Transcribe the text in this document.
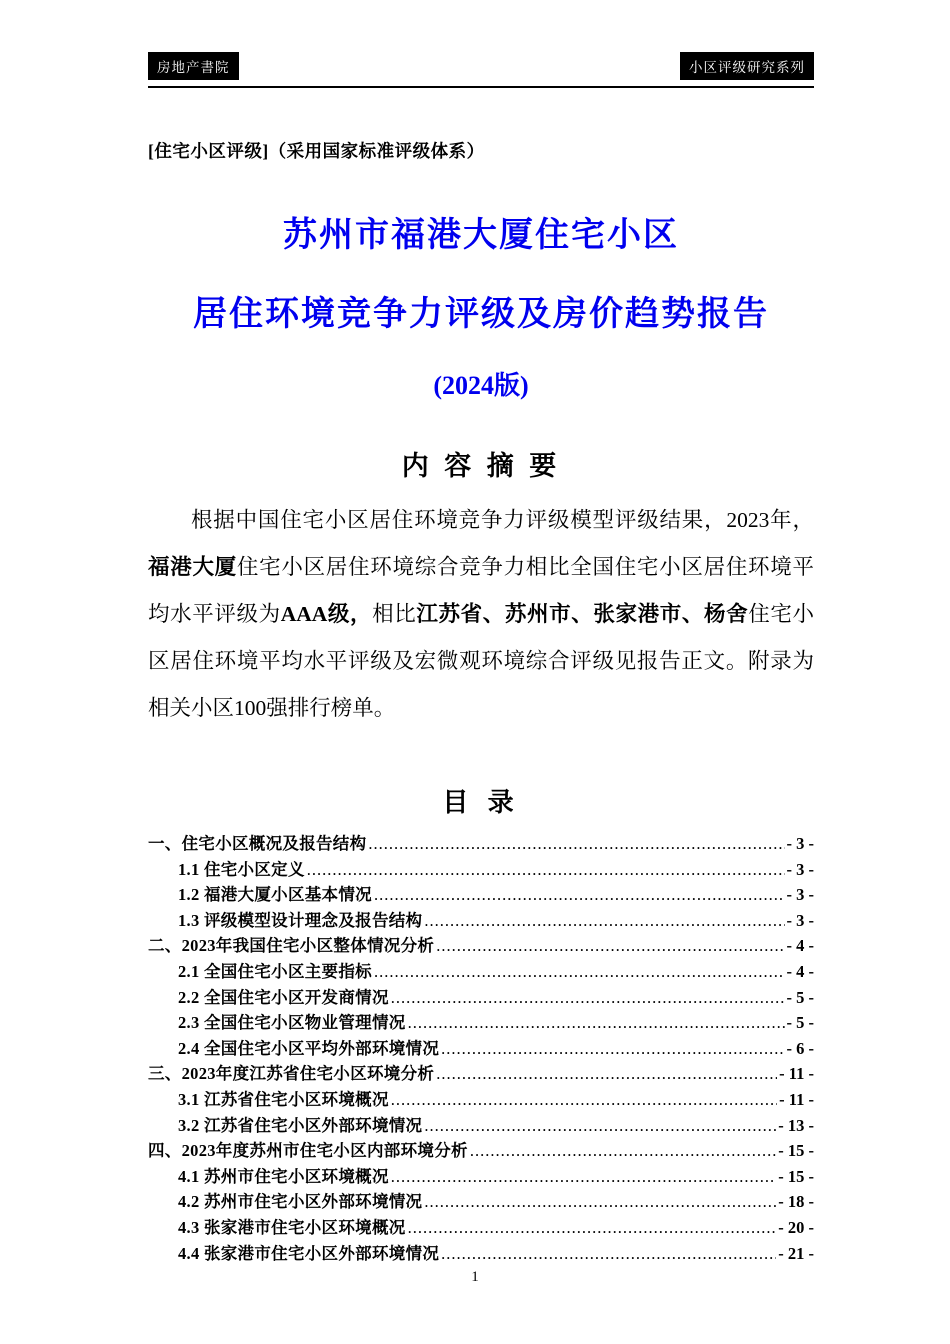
房地产書院	小区评级研究系列
[住宅小区评级]（采用国家标准评级体系）
苏州市福港大厦住宅小区
居住环境竞争力评级及房价趋势报告
(2024版)
内 容 摘 要

根据中国住宅小区居住环境竞争力评级模型评级结果，2023年，福港大厦住宅小区居住环境综合竞争力相比全国住宅小区居住环境平均水平评级为AAA级，相比江苏省、苏州市、张家港市、杨舍住宅小区居住环境平均水平评级及宏微观环境综合评级见报告正文。附录为相关小区100强排行榜单。

目 录
一、住宅小区概况及报告结构 .....	- 3 -
1.1 住宅小区定义 .....	- 3 -
1.2 福港大厦小区基本情况 .....	- 3 -
1.3 评级模型设计理念及报告结构 .....	- 3 -
二、2023年我国住宅小区整体情况分析 .....	- 4 -
2.1 全国住宅小区主要指标 .....	- 4 -
2.2 全国住宅小区开发商情况 .....	- 5 -
2.3 全国住宅小区物业管理情况 .....	- 5 -
2.4 全国住宅小区平均外部环境情况 .....	- 6 -
三、2023年度江苏省住宅小区环境分析 .....	- 11 -
3.1 江苏省住宅小区环境概况 .....	- 11 -
3.2 江苏省住宅小区外部环境情况 .....	- 13 -
四、2023年度苏州市住宅小区内部环境分析 .....	- 15 -
4.1 苏州市住宅小区环境概况 .....	- 15 -
4.2 苏州市住宅小区外部环境情况 .....	- 18 -
4.3 张家港市住宅小区环境概况 .....	- 20 -
4.4 张家港市住宅小区外部环境情况 .....	- 21 -
1
